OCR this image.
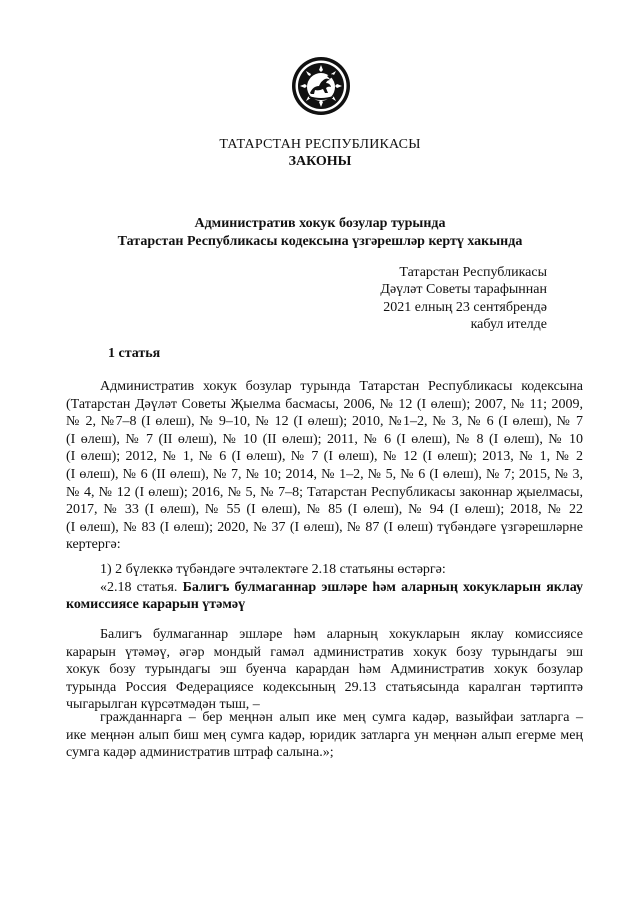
ТАТАРСТАН РЕСПУБЛИКАСЫ
ЗАКОНЫ
Административ хокук бозулар турында
Татарстан Республикасы кодексына үзгәрешләр кертү хакында
Татарстан Республикасы
Дәүләт Советы тарафыннан
2021 елның 23 сентябрендә
кабул ителде
1 статья
Административ хокук бозулар турында Татарстан Республикасы кодексына
(Татарстан Дәүләт Советы Җыелма басмасы, 2006, № 12 (I өлеш); 2007, № 11; 2009,
№ 2, №7–8 (I өлеш), № 9–10, № 12 (I өлеш); 2010, №1–2, № 3, № 6 (I өлеш), № 7
(I өлеш), № 7 (II өлеш), № 10 (II өлеш); 2011, № 6 (I өлеш), № 8 (I өлеш), № 10
(I өлеш); 2012, № 1, № 6 (I өлеш), № 7 (I өлеш), № 12 (I өлеш); 2013, № 1, № 2
(I өлеш), № 6 (II өлеш), № 7, № 10; 2014, № 1–2, № 5, № 6 (I өлеш), № 7; 2015, № 3,
№ 4, № 12 (I өлеш); 2016, № 5, № 7–8; Татарстан Республикасы законнар җыелмасы,
2017, № 33 (I өлеш), № 55 (I өлеш), № 85 (I өлеш), № 94 (I өлеш); 2018, № 22
(I өлеш), № 83 (I өлеш); 2020, № 37 (I өлеш), № 87 (I өлеш) түбәндәге үзгәрешләрне
кертергә:
1) 2 бүлеккә түбәндәге эчтәлектәге 2.18 статьяны өстәргә:
«2.18 статья. Балигъ булмаганнар эшләре һәм аларның хокукларын яклау
комиссиясе карарын үтәмәү
Балигъ булмаганнар эшләре һәм аларның хокукларын яклау комиссиясе
карарын үтәмәү, әгәр мондый гамәл административ хокук бозу турындагы эш
хокук бозу турындагы эш буенча карардан һәм Административ хокук бозулар
турында Россия Федерациясе кодексының 29.13 статьясында каралган тәртиптә
чыгарылган күрсәтмәдән тыш, –
гражданнарга – бер меңнән алып ике мең сумга кадәр, вазыйфаи затларга –
ике меңнән алып биш мең сумга кадәр, юридик затларга ун меңнән алып егерме мең
сумга кадәр административ штраф салына.»;
